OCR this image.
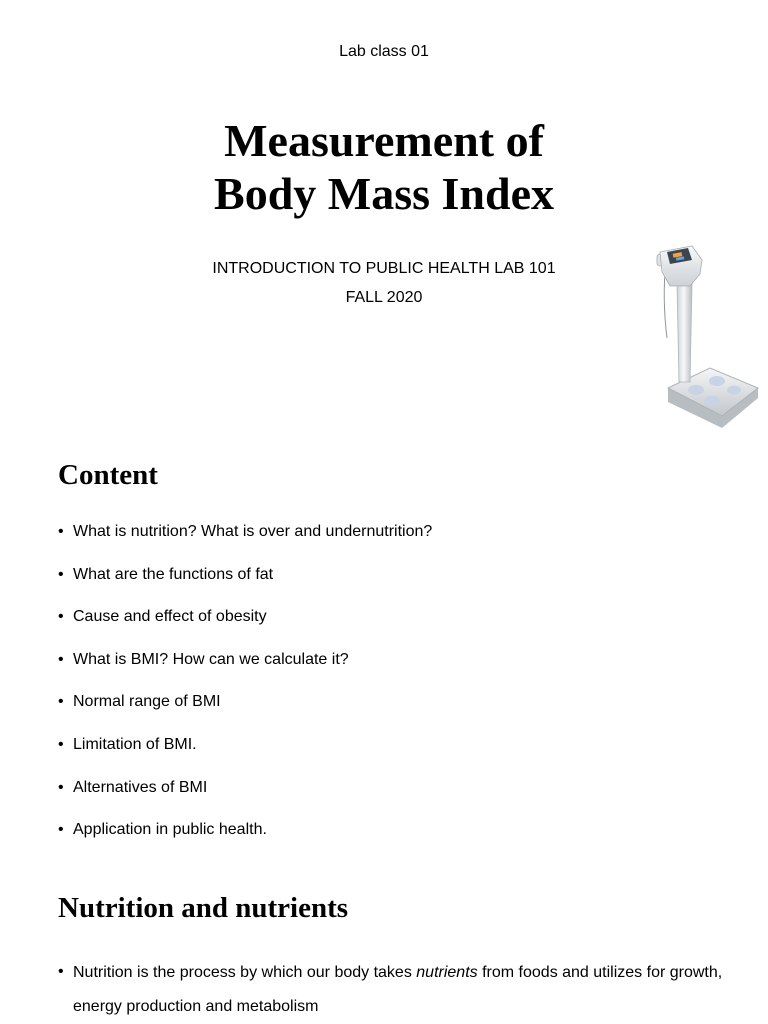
Lab class 01
Measurement of
Body Mass Index
INTRODUCTION TO PUBLIC HEALTH LAB 101
FALL 2020
Content
• What is nutrition? What is over and undernutrition?
• What are the functions of fat
• Cause and effect of obesity
• What is BMI? How can we calculate it?
• Normal range of BMI
• Limitation of BMI.
• Alternatives of BMI
• Application in public health.
Nutrition and nutrients
• Nutrition is the process by which our body takes nutrients from foods and utilizes for growth, energy production and metabolism
